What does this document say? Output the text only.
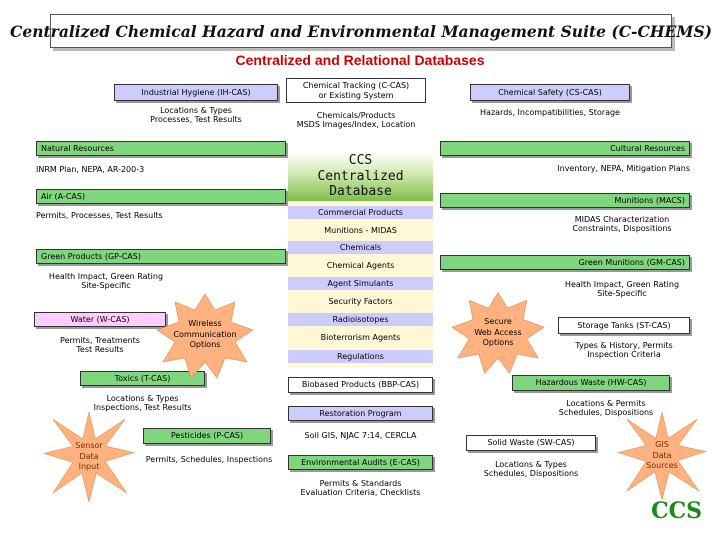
Centralized Chemical Hazard and Environmental Management Suite (C-CHEMS)
Centralized and Relational Databases
Industrial Hygiene (IH-CAS)
Locations & Types
Processes, Test Results
Natural Resources
INRM Plan, NEPA, AR-200-3
Air (A-CAS)
Permits, Processes, Test Results
Green Products (GP-CAS)
Health Impact, Green Rating
Site-Specific
Water (W-CAS)
Permits, Treatments
Test Results
Toxics (T-CAS)
Locations & Types
Inspections, Test Results
Pesticides (P-CAS)
Permits, Schedules, Inspections
Chemical Tracking (C-CAS)
or Existing System
Chemicals/Products
MSDS Images/Index, Location
CCS
Centralized
Database
Commercial Products
Munitions - MIDAS
Chemicals
Chemical Agents
Agent Simulants
Security Factors
Radioisotopes
Bioterrorism Agents
Regulations
Biobased Products (BBP-CAS)
Restoration Program
Soil GIS, NJAC 7:14, CERCLA
Environmental Audits (E-CAS)
Permits & Standards
Evaluation Criteria, Checklists
Chemical Safety (CS-CAS)
Hazards, Incompatibilities, Storage
Cultural Resources
Inventory, NEPA, Mitigation Plans
Munitions (MACS)
MIDAS Characterization
Constraints, Dispositions
Green Munitions (GM-CAS)
Health Impact, Green Rating
Site-Specific
Storage Tanks (ST-CAS)
Types & History, Permits
Inspection Criteria
Hazardous Waste (HW-CAS)
Locations & Permits
Schedules, Dispositions
Solid Waste (SW-CAS)
Locations & Types
Schedules, Dispositions
Wireless
Communication
Options
Secure
Web Access
Options
Sensor
Data
Input
GIS
Data
Sources
CCS
